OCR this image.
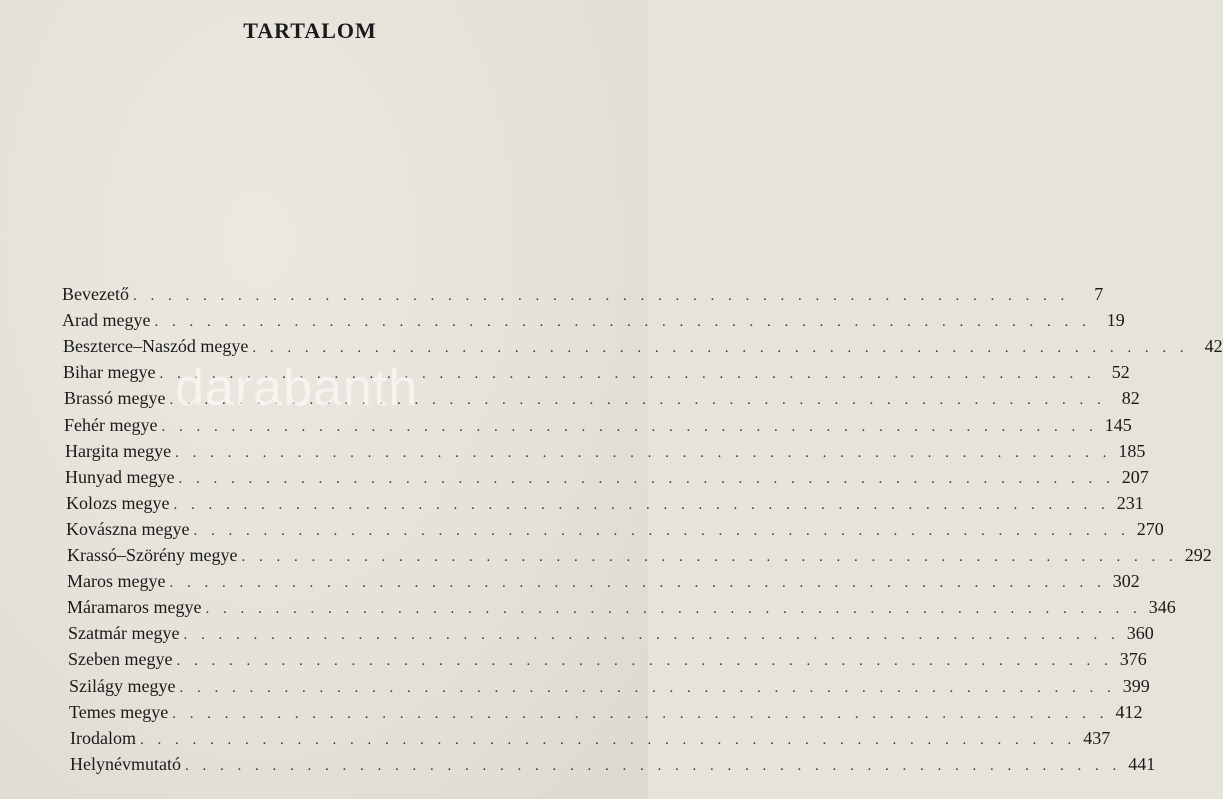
TARTALOM
Bevezető . . . . . . . . . . . . . . . . . . . . . . . . . . . . . . . . . . . . . . . . . . . . . . . . . . . . . .	7
Arad megye . . . . . . . . . . . . . . . . . . . . . . . . . . . . . . . . . . . . . . . . . . . . . . . . . . . . . . 19
Beszterce–Naszód megye . . . . . . . . . . . . . . . . . . . . . . . . . . . . . . . . . . . . . . . . . . . . . . . . . . . . . . 42
Bihar megye . . . . . . . . . . . . . . . . . . . . . . . . . . . . . . . . . . . . . . . . . . . . . . . . . . . . . . 52
Brassó megye . . . . . . . . . . . . . . . . . . . . . . . . . . . . . . . . . . . . . . . . . . . . . . . . . . . . . . 82
Fehér megye . . . . . . . . . . . . . . . . . . . . . . . . . . . . . . . . . . . . . . . . . . . . . . . . . . . . . . 145
Hargita megye . . . . . . . . . . . . . . . . . . . . . . . . . . . . . . . . . . . . . . . . . . . . . . . . . . . . . . 185
Hunyad megye . . . . . . . . . . . . . . . . . . . . . . . . . . . . . . . . . . . . . . . . . . . . . . . . . . . . . . 207
Kolozs megye . . . . . . . . . . . . . . . . . . . . . . . . . . . . . . . . . . . . . . . . . . . . . . . . . . . . . . 231
Kovászna megye . . . . . . . . . . . . . . . . . . . . . . . . . . . . . . . . . . . . . . . . . . . . . . . . . . . . . . 270
Krassó–Szörény megye . . . . . . . . . . . . . . . . . . . . . . . . . . . . . . . . . . . . . . . . . . . . . . . . . . . . . . 292
Maros megye . . . . . . . . . . . . . . . . . . . . . . . . . . . . . . . . . . . . . . . . . . . . . . . . . . . . . . 302
Máramaros megye . . . . . . . . . . . . . . . . . . . . . . . . . . . . . . . . . . . . . . . . . . . . . . . . . . . . . . 346
Szatmár megye . . . . . . . . . . . . . . . . . . . . . . . . . . . . . . . . . . . . . . . . . . . . . . . . . . . . . . 360
Szeben megye . . . . . . . . . . . . . . . . . . . . . . . . . . . . . . . . . . . . . . . . . . . . . . . . . . . . . . 376
Szilágy megye . . . . . . . . . . . . . . . . . . . . . . . . . . . . . . . . . . . . . . . . . . . . . . . . . . . . . . 399
Temes megye . . . . . . . . . . . . . . . . . . . . . . . . . . . . . . . . . . . . . . . . . . . . . . . . . . . . . . 412
Irodalom . . . . . . . . . . . . . . . . . . . . . . . . . . . . . . . . . . . . . . . . . . . . . . . . . . . . . . 437
Helynévmutató . . . . . . . . . . . . . . . . . . . . . . . . . . . . . . . . . . . . . . . . . . . . . . . . . . . . . . 441
darabanth
